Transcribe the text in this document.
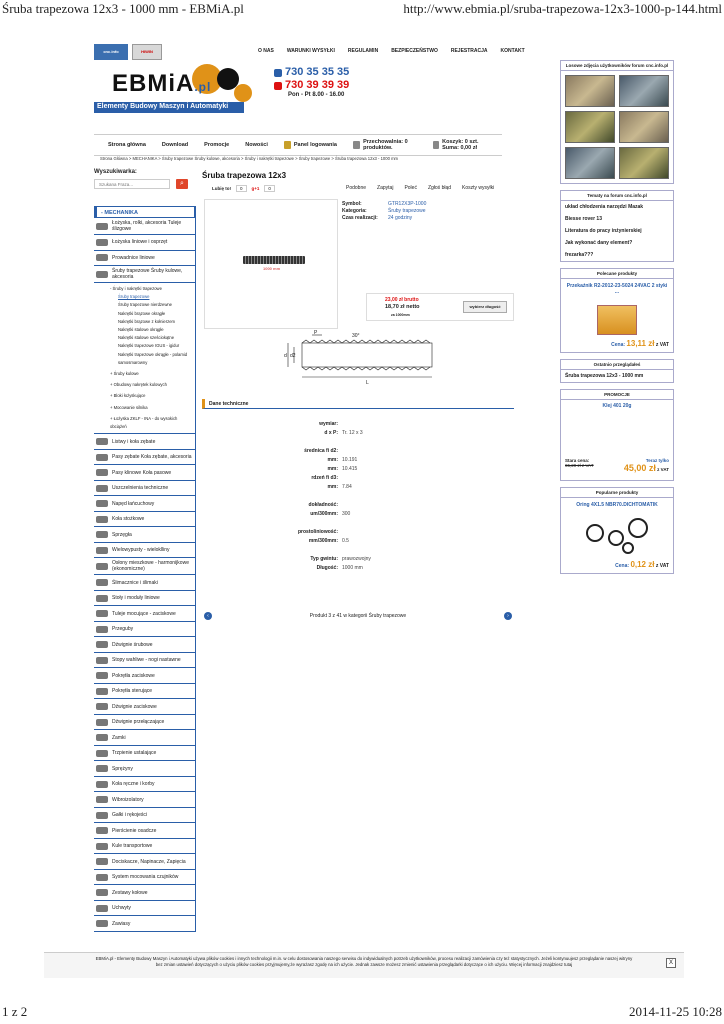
Śruba trapezowa 12x3 - 1000 mm - EBMiA.pl	http://www.ebmia.pl/sruba-trapezowa-12x3-1000-p-144.html
cnc.info	HIWIN
EBMiA.pl
Elementy Budowy Maszyn i Automatyki
O NAS	WARUNKI WYSYŁKI	REGULAMIN	BEZPIECZEŃSTWO	REJESTRACJA	KONTAKT
730 35 35 35
730 39 39 39
Pon - Pt 8.00 - 16.00
Strona główna	Download	Promocje	Nowości	Panel logowania	Przechowalnia: 0 produktów.
Koszyk: 0 szt. Suma: 0,00 zł
Strona Główna > MECHANIKA > Śruby trapezowe Śruby kulowe, akcesoria > Śruby i nakrętki trapezowe > Śruby trapezowe > Śruba trapezowa 12x3 - 1000 mm
Wyszukiwarka:
Szukana Fraza...
⌕
- MECHANIKA
Łożyska, rolki, akcesoria Tuleje ślizgowe
Łożyska liniowe i osprzęt
Prowadnice liniowe
Śruby trapezowe Śruby kulowe, akcesoria
- Śruby i nakrętki trapezowe
Śruby trapezowe
Śruby trapezowe nierdzewne
Nakrętki brązowe okrągłe
Nakrętki brązowe z kołnierzem
Nakrętki stalowe okrągłe
Nakrętki stalowe sześciokątne
Nakrętki trapezowe IGUS - igidur
Nakrętki trapezowe okrągłe - polamid samosmarowny
+ Śruby kulowe
+ Obudowy nakrętek kulowych
+ Bloki łożyskujące
+ Mocowanie silnika
+ Łożyska ZKLF - INA - do wysokich obciążeń
Listwy i koła zębate
Pasy zębate Koła zębate, akcesoria
Pasy klinowe Koła pasowe
Uszczelnienia techniczne
Napęd łańcuchowy
Koła stożkowe
Sprzęgła
Wielowypusty - wieloklliny
Osłony mieszkowe - harmonijkowe (ekonomiczne)
Ślimacznice i ślimaki
Stoły i moduły liniowe
Tuleje mocujące - zaciskowe
Przeguby
Dźwignie śrubowe
Stopy wahliwe - nogi nastawne
Pokrętła zaciskowe
Pokrętła sterujące
Dźwignie zaciskowe
Dźwignie przełączające
Zamki
Trzpienie ustalające
Sprężyny
Koła ręczne i korby
Wibroizolatory
Gałki i rękojeści
Pierścienie osadcze
Kule transportowe
Dociskacze, Napinacze, Zapięcia
System mocowania czujników
Zestawy kołowe
Uchwyty
Zawiasy
Śruba trapezowa 12x3
Lubię to!	0	g+1	0	Podobne Zapytaj Poleć Zgłoś błąd Koszty wysyłki
1000 mm
Symbol:	GTR12X3P-1000
Kategoria:	Śruby trapezowe
Czas realizacji:	24 godziny
23,00 zł brutto
18,70 zł netto
za 1000mm
wybierz długość
P	30°
d d2
L
Dane techniczne
wymiar:
d x P: Tr. 12 x 3
średnica fi d2:
mm: 10.191
mm: 10.415
rdzeń fi d3:
mm: 7.84
dokładność:
um/300mm: 300
prostoliniowość:
mm/300mm: 0.5
Typ gwintu: prawozwojny
Długość: 1000 mm
‹	Produkt 3 z 41 w kategorii Śruby trapezowe	›
Losowe zdjęcia użytkowników forum cnc.info.pl
Tematy na forum cnc.info.pl
układ chłodzenia narzędzi Mazak
Biesse rover 13
Literatura do pracy inżynierskiej
Jak wykonać dany element?
frezarka???
Polecane produkty
Przekaźnik R2-2012-23-5024 24VAC 2 styki ...
Cena: 13,11 zł z VAT
Ostatnio przeglądałeś
Śruba trapezowa 12x3 - 1000 mm
PROMOCJE
Klej 401 20g
Stara cena:
65,29 zł z VAT
Teraz tylko
45,00 zł z VAT
Popularne produkty
Oring 4X1.5 NBR70.DICHTOMATIK
Cena: 0,12 zł z VAT
EBMiA.pl - Elementy Budowy Maszyn i Automatyki używa plików cookies i innych technologii m.in. w celu dostosowania naszego serwisu do indywidualnych potrzeb użytkowników, procesu realizacji zamówienia czy też statystycznych. Jeżeli kontynuujesz przeglądanie naszej witryny bez zmian ustawień dotyczących o użyciu plików cookies przyjmujemy,że wyrażasz zgodę na ich użycie. Jednak zawsze możesz zmienić ustawienia przeglądarki dotyczące o ich użyciu. Więcej informacji znajdziesz tutaj	X
1 z 2	2014-11-25 10:28
